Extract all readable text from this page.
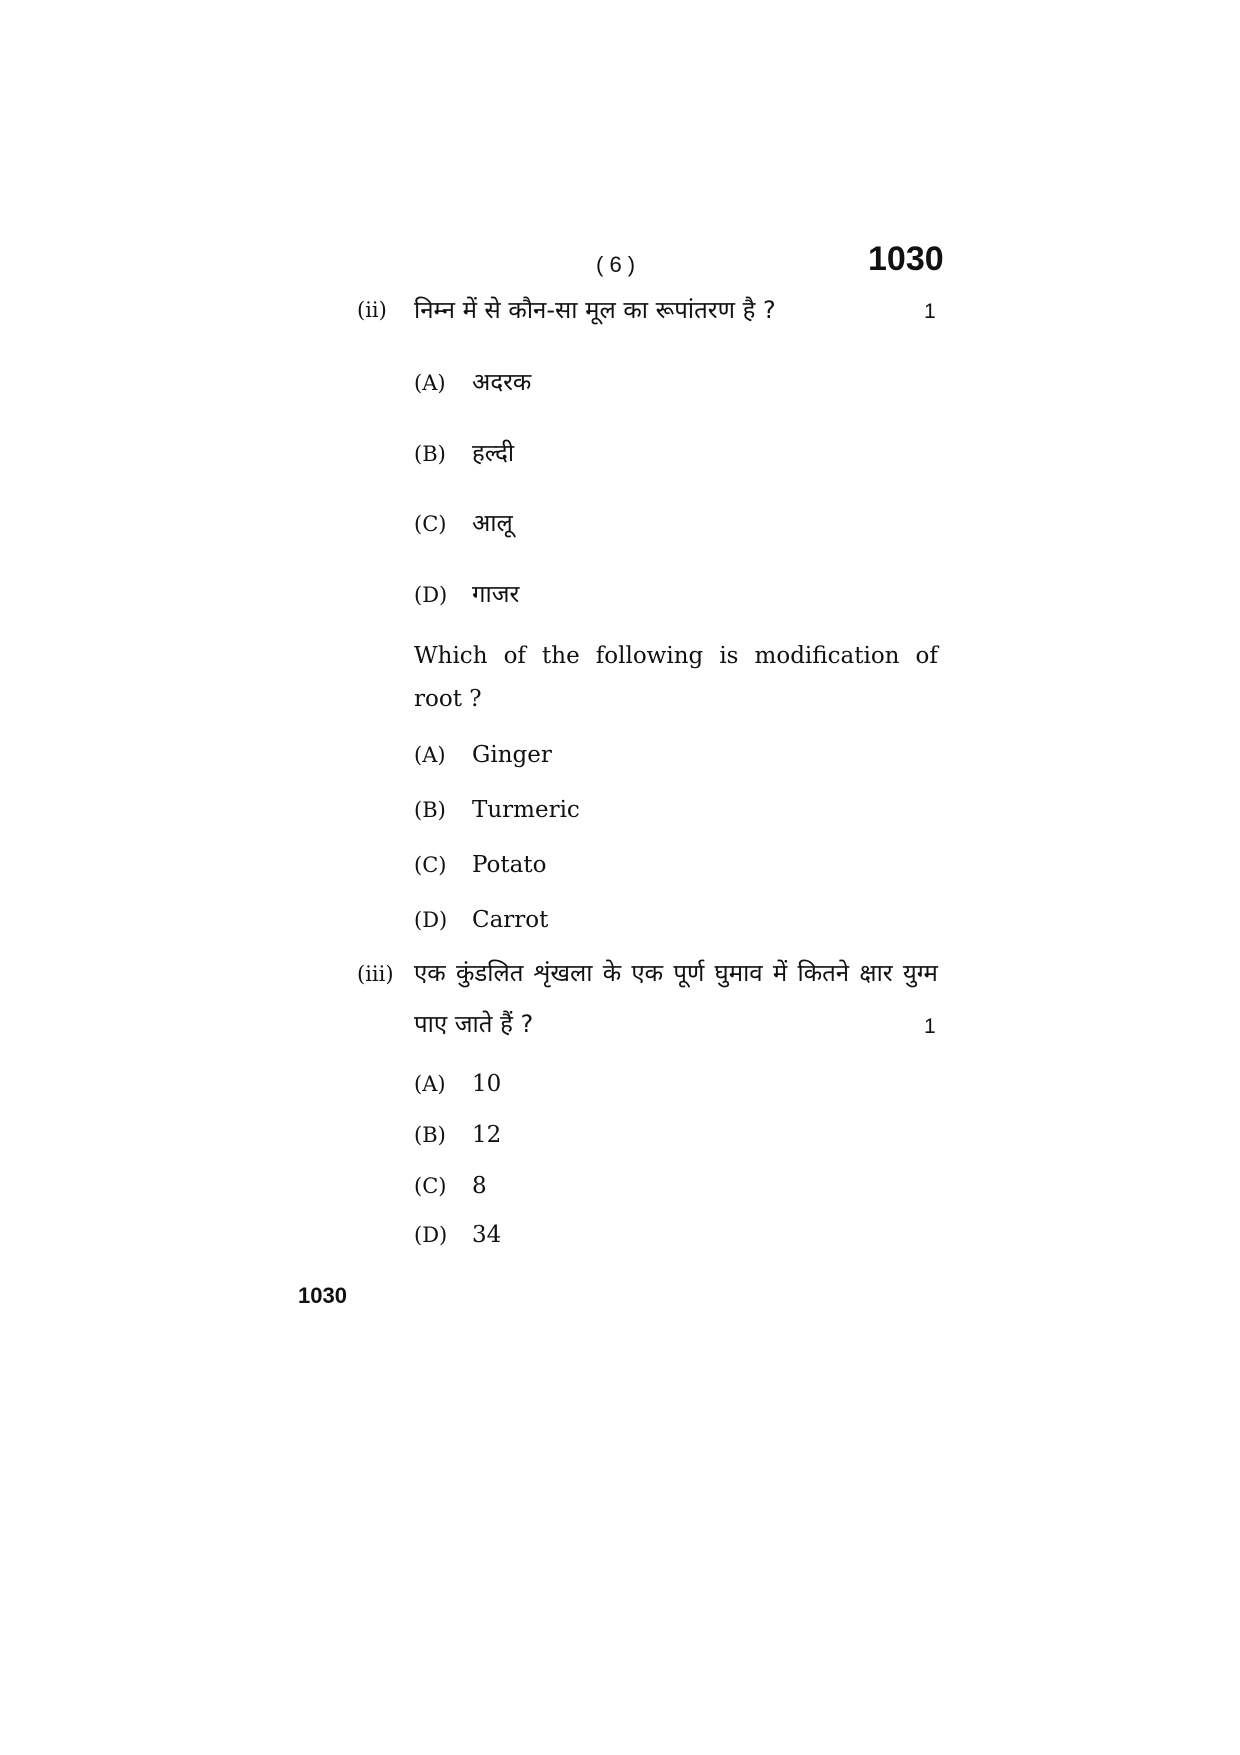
( 6 )	1030
(ii) निम्न में से कौन-सा मूल का रूपांतरण है ?	1
(A)	अदरक
(B)	हल्दी
(C)	आलू
(D)	गाजर
Which of the following is modification of
root ?
(A)	Ginger
(B)	Turmeric
(C)	Potato
(D)	Carrot
(iii) एक कुंडलित शृंखला के एक पूर्ण घुमाव में कितने क्षार युग्म
पाए जाते हैं ?	1
(A)	10
(B)	12
(C)	8
(D)	34
1030
